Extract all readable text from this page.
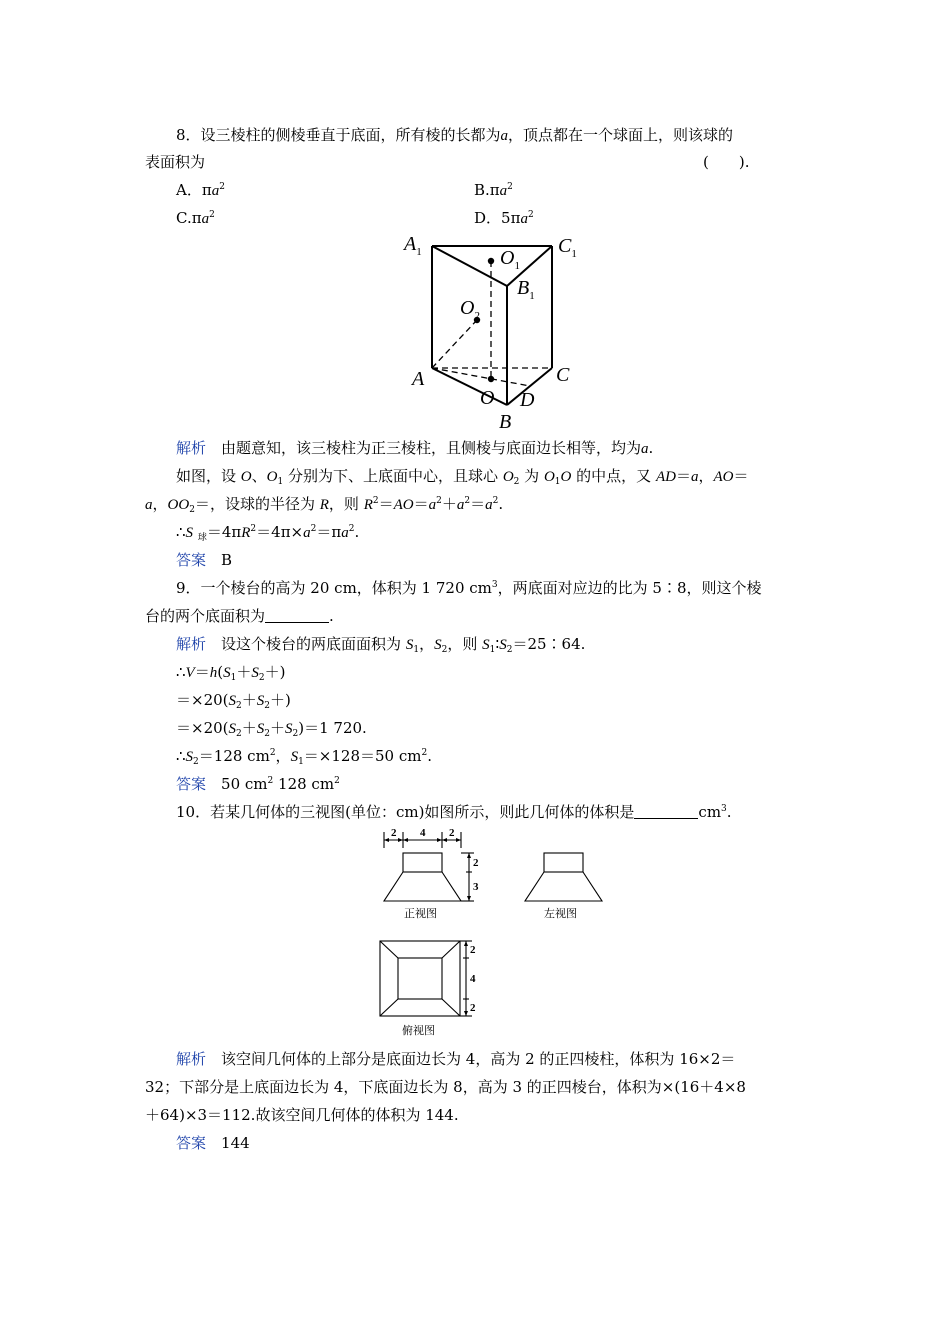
8．设三棱柱的侧棱垂直于底面，所有棱的长都为a，顶点都在一个球面上，则该球的
表面积为	(　　).
A．$\pi a^2$	$B.\pi a^2$
$C.\pi a^2$	D．$5\pi a^2$
$A_1$	$C_1$
$O_1$
$B_1$
$O_2$
A	C
O D
B
解析　 由题意知，该三棱柱为正三棱柱，且侧棱与底面边长相等，均为a.
如图，设 O、$O_1$ 分别为下、上底面中心，且球心 $O_2$ 为 $O_1O$ 的中点，又 AD＝a，AO＝
a，$OO_2=$，设球的半径为 R，则 $R^2=AO=a^2+a^2=a^2$.
∴S $_球=4\pi R^2=4\pi\times a^2=\pi a^2$.
答案　 B
9．一个棱台的高为 20 cm，体积为 1 720 $cm^3$，两底面对应边的比为 5∶8，则这个棱
台的两个底面积为	.
解析　 设这个棱台的两底面面积为 $S_1$，$S_2$，则 $S_1∶S_2=25∶64$.
$\therefore V=h(S_1+S_2+)$
$=\times 20(S_2+S_2+)$
$=\times 20(S_2+S_2+S_2)=1$ 720.
$\therefore S_2=128$ $cm^2$，$S_1=\times 128=50$ $cm^2$.
答案　 50 $cm^2$ 128 $cm^2$
10．若某几何体的三视图(单位：cm)如图所示，则此几何体的体积是	$cm^3$.
2 4 2
2
3
2
4
2
正视图	左视图
俯视图
解析　 该空间几何体的上部分是底面边长为 4，高为 2 的正四棱柱，体积为 16×2＝
32；下部分是上底面边长为 4，下底面边长为 8，高为 3 的正四棱台，体积为×(16＋4×8
＋64)×3＝112.故该空间几何体的体积为 144.
答案　 144
